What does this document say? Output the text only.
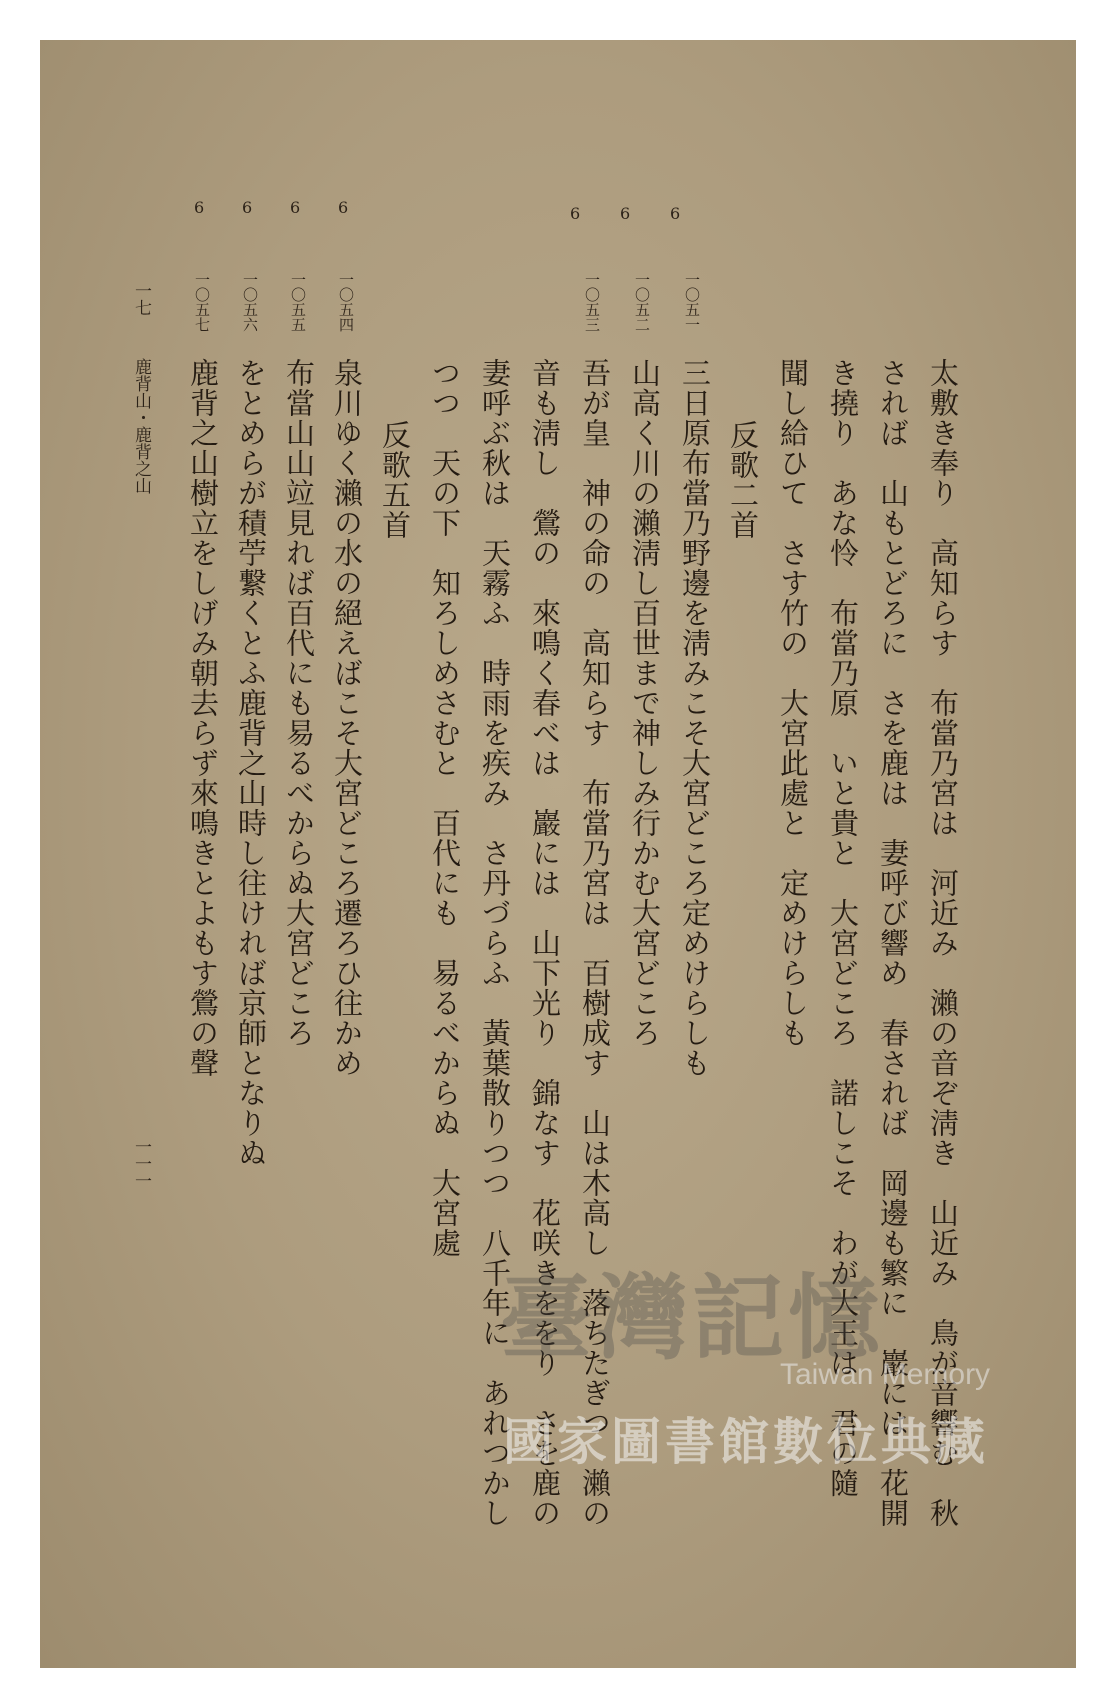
太敷き奉り　高知らす　布當乃宮は　河近み　瀨の音ぞ淸き　山近み　鳥が音響む　秋
されば　山もとどろに　さを鹿は　妻呼び響め　春されば　岡邊も繁に　巖には　花開
き撓り　あな怜　布當乃原　いと貴と　大宮どころ　諾しこそ　わが大王は　君の隨
聞し給ひて　さす竹の　大宮此處と　定めけらしも
反歌二首
一〇五一
三日原布當乃野邊を淸みこそ大宮どころ定めけらしも
一〇五二
山高く川の瀨淸し百世まで神しみ行かむ大宮どころ
一〇五三
吾が皇　神の命の　高知らす　布當乃宮は　百樹成す　山は木高し　落ちたぎつ　瀨の
音も淸し　鶯の　來鳴く春べは　巖には　山下光り　錦なす　花咲きををり　さを鹿の
妻呼ぶ秋は　天霧ふ　時雨を疾み　さ丹づらふ　黃葉散りつつ　八千年に　あれつかし
つつ　天の下　知ろしめさむと　百代にも　易るべからぬ　大宮處
反歌五首
一〇五四
泉川ゆく瀨の水の絕えばこそ大宮どころ遷ろひ往かめ
一〇五五
布當山山竝見れば百代にも易るべからぬ大宮どころ
一〇五六
をとめらが積苧繋くとふ鹿背之山時し往ければ京師となりぬ
一〇五七
鹿背之山樹立をしげみ朝去らず來鳴きとよもす鶯の聲
6
6
6
6
6
6
6
一七
鹿背山・鹿背之山
一一一
臺灣記憶
Taiwan Memory
國家圖書館數位典藏
